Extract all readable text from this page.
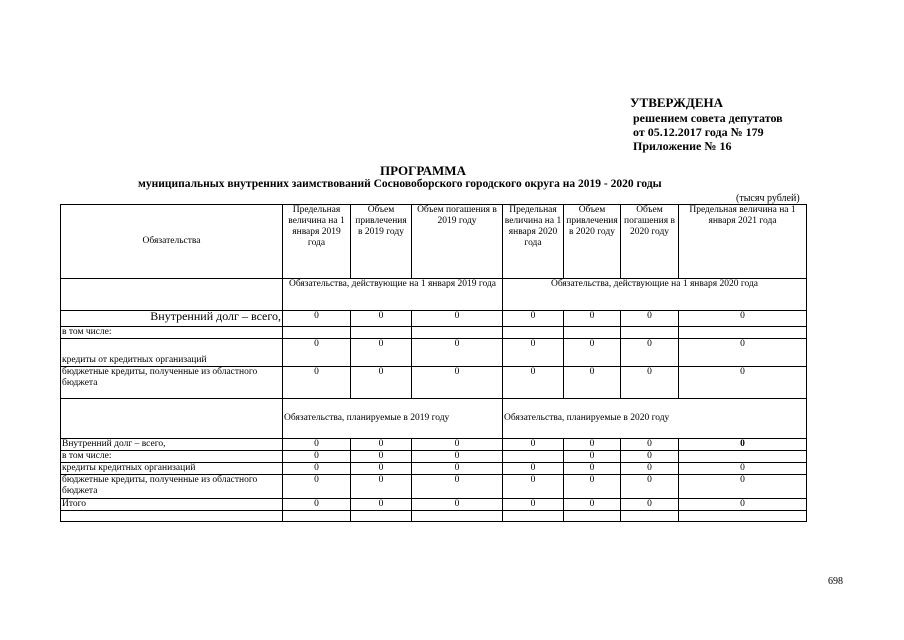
УТВЕРЖДЕНА
решением совета депутатов
от 05.12.2017 года № 179
Приложение № 16
ПРОГРАММА
муниципальных внутренних заимствований Сосновоборского городского округа на 2019 - 2020 годы
(тысяч рублей)
Обязательства	Предельная величина на 1 января 2019 года	Объем привлечения в 2019 году	Объем погашения в 2019 году	Предельная величина на 1 января 2020 года	Объем привлечения в 2020 году	Объем погашения в 2020 году	Предельная величина на 1 января 2021 года
	Обязательства, действующие на 1 января 2019 года			Обязательства, действующие на 1 января 2020 года			
Внутренний долг – всего,	0	0	0	0	0	0	0
в том числе:							
кредиты от кредитных организаций	0	0	0	0	0	0	0
бюджетные кредиты, полученные из областного бюджета	0	0	0	0	0	0	0
	Обязательства, планируемые в 2019 году			Обязательства, планируемые в 2020 году			
Внутренний долг – всего,	0	0	0	0	0	0	0
в том числе:	0	0	0		0	0	
кредиты кредитных организаций	0	0	0	0	0	0	0
бюджетные кредиты, полученные из областного бюджета	0	0	0	0	0	0	0
Итого	0	0	0	0	0	0	0

698
